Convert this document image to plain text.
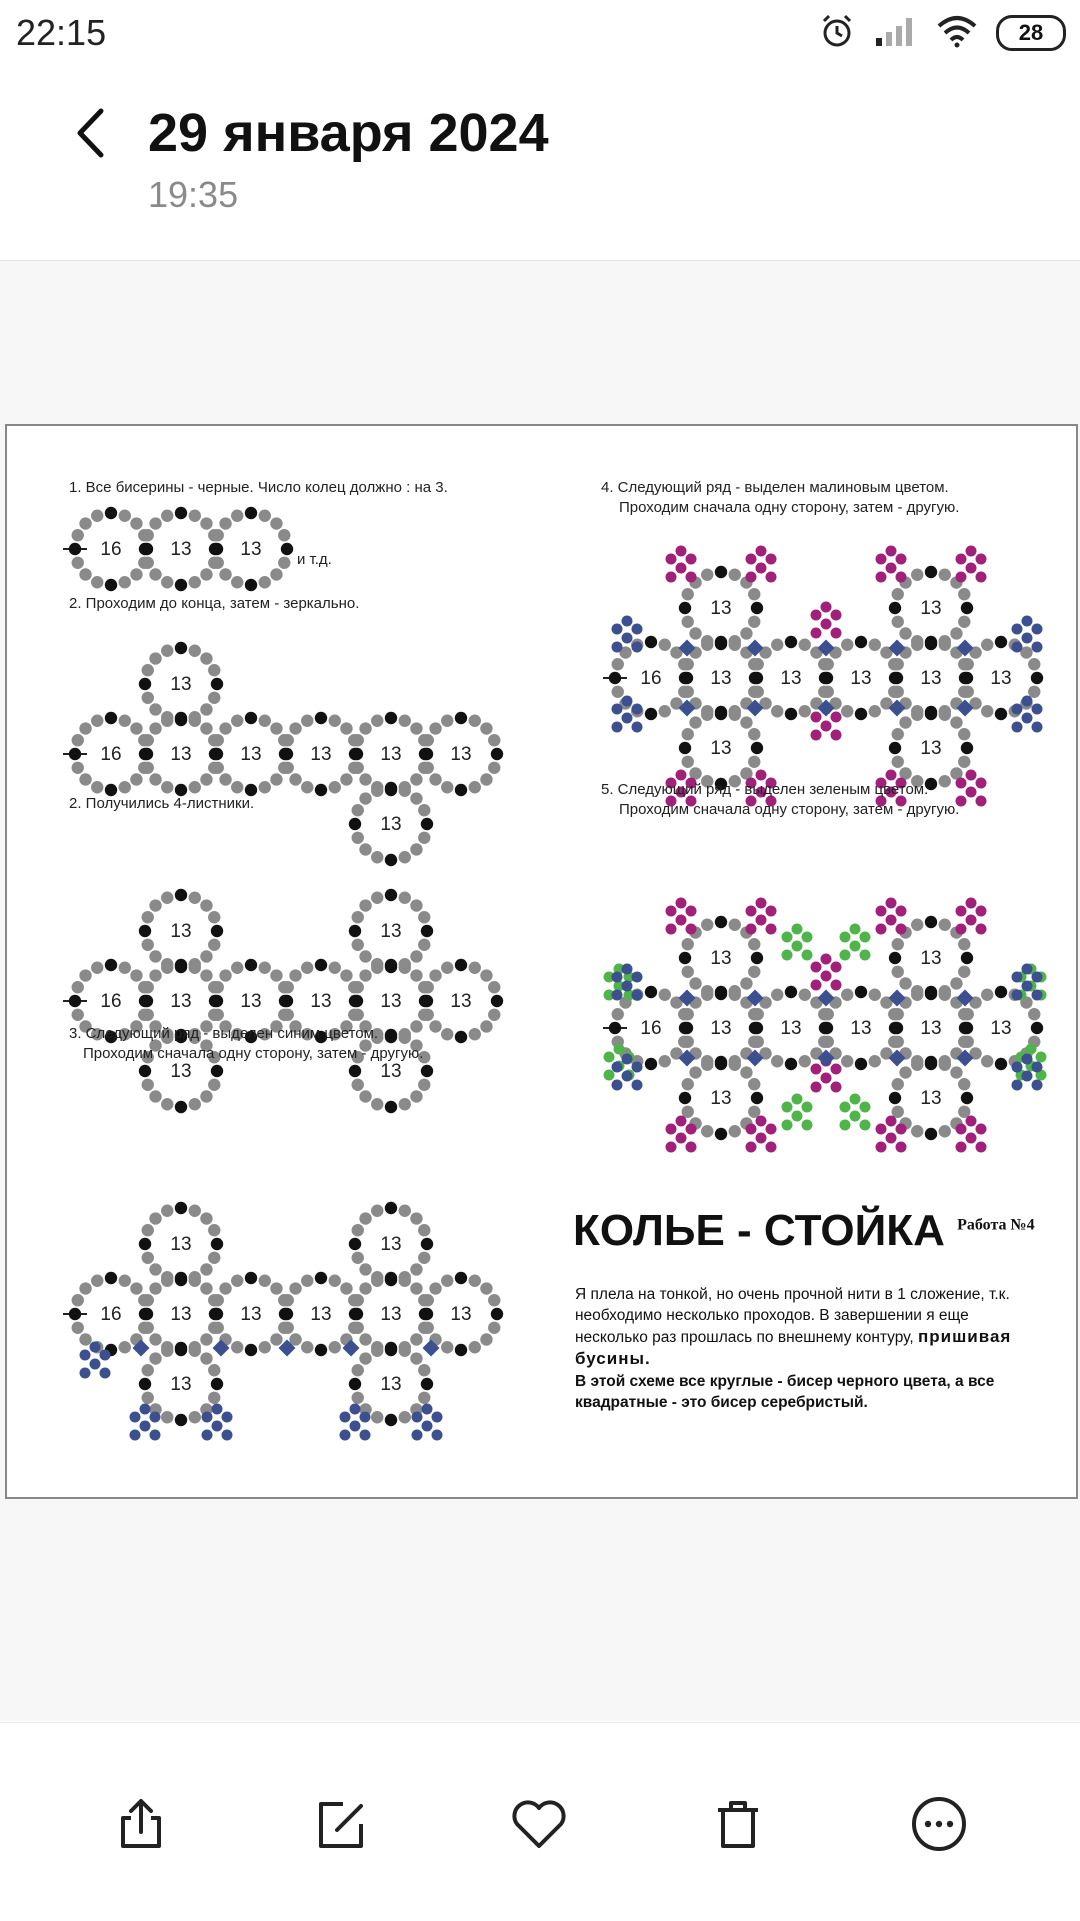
22:15	28
29 января 2024
19:35
16	13	13
13
16	13	13	13	13	13
13
13
13
13
13
16	13	13	13	13	13
13	13
16	13	13	13	13	13
13	13
16	13	13	13	13	13
13
13
13
13
16	13	13	13	13	13
13
13
13
13
1. Все бисерины - черные. Число колец должно : на 3.
и т.д.
2. Проходим до конца, затем - зеркально.
2. Получились 4-листники.
3. Следующий ряд - выделен синим цветом.
Проходим сначала одну сторону, затем - другую.
4. Следующий ряд - выделен малиновым цветом.
Проходим сначала одну сторону, затем - другую.
5. Следующий ряд - выделен зеленым цветом.
Проходим сначала одну сторону, затем - другую.
КОЛЬЕ - СТОЙКА $^{Работа №4}$
Я плела на тонкой, но очень прочной нити в 1 сложение, т.к. необходимо несколько проходов. В завершении я еще несколько раз прошлась по внешнему контуру, пришивая бусины.
В этой схеме все круглые - бисер черного цвета, а все квадратные - это бисер серебристый.
